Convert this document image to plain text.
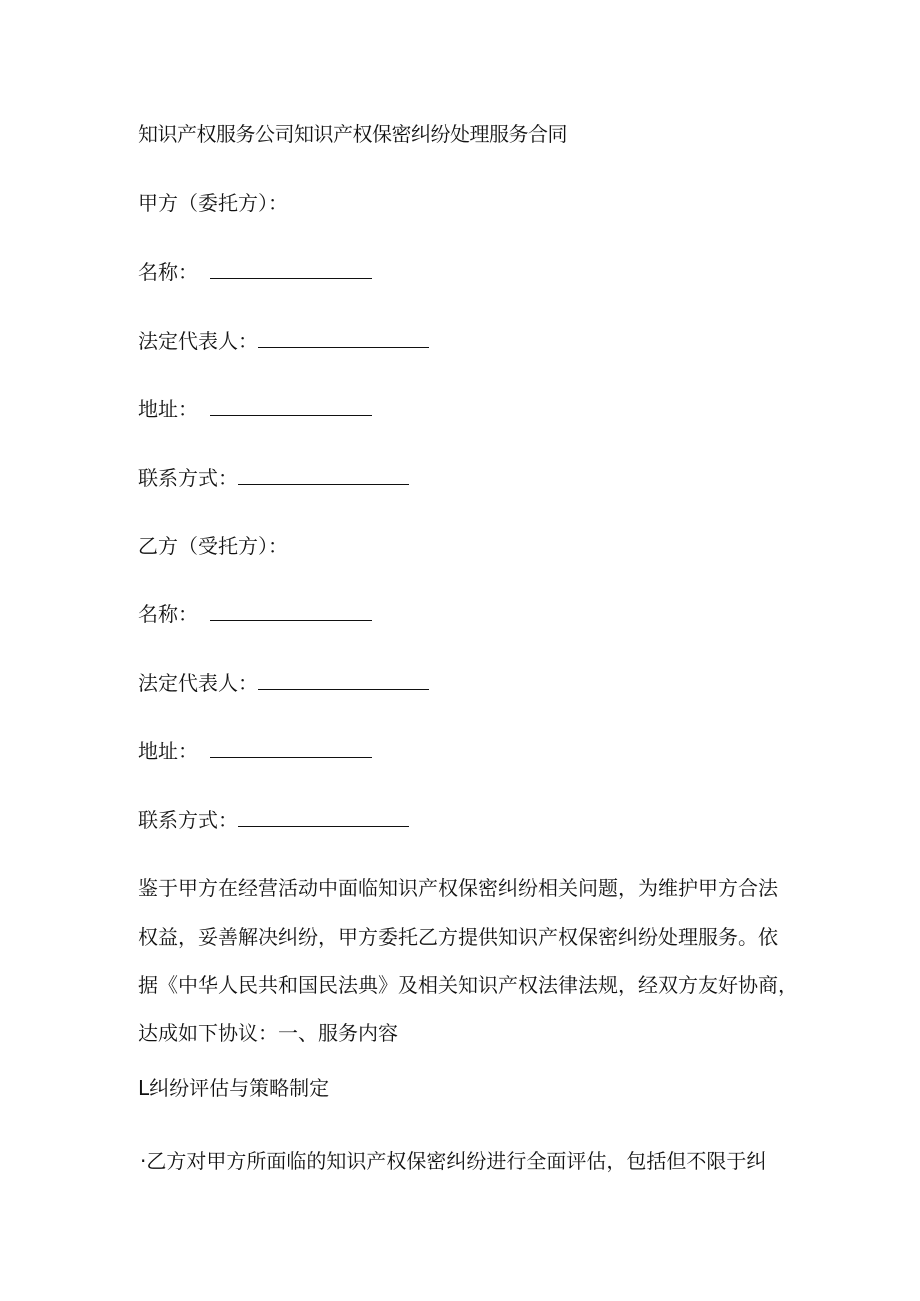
知识产权服务公司知识产权保密纠纷处理服务合同
甲方（委托方）：
名称：
法定代表人：
地址：
联系方式：
乙方（受托方）：
名称：
法定代表人：
地址：
联系方式：
鉴于甲方在经营活动中面临知识产权保密纠纷相关问题，为维护甲方合法
权益，妥善解决纠纷，甲方委托乙方提供知识产权保密纠纷处理服务。依
据《中华人民共和国民法典》及相关知识产权法律法规，经双方友好协商，
达成如下协议：一、服务内容
L纠纷评估与策略制定
·乙方对甲方所面临的知识产权保密纠纷进行全面评估，包括但不限于纠
